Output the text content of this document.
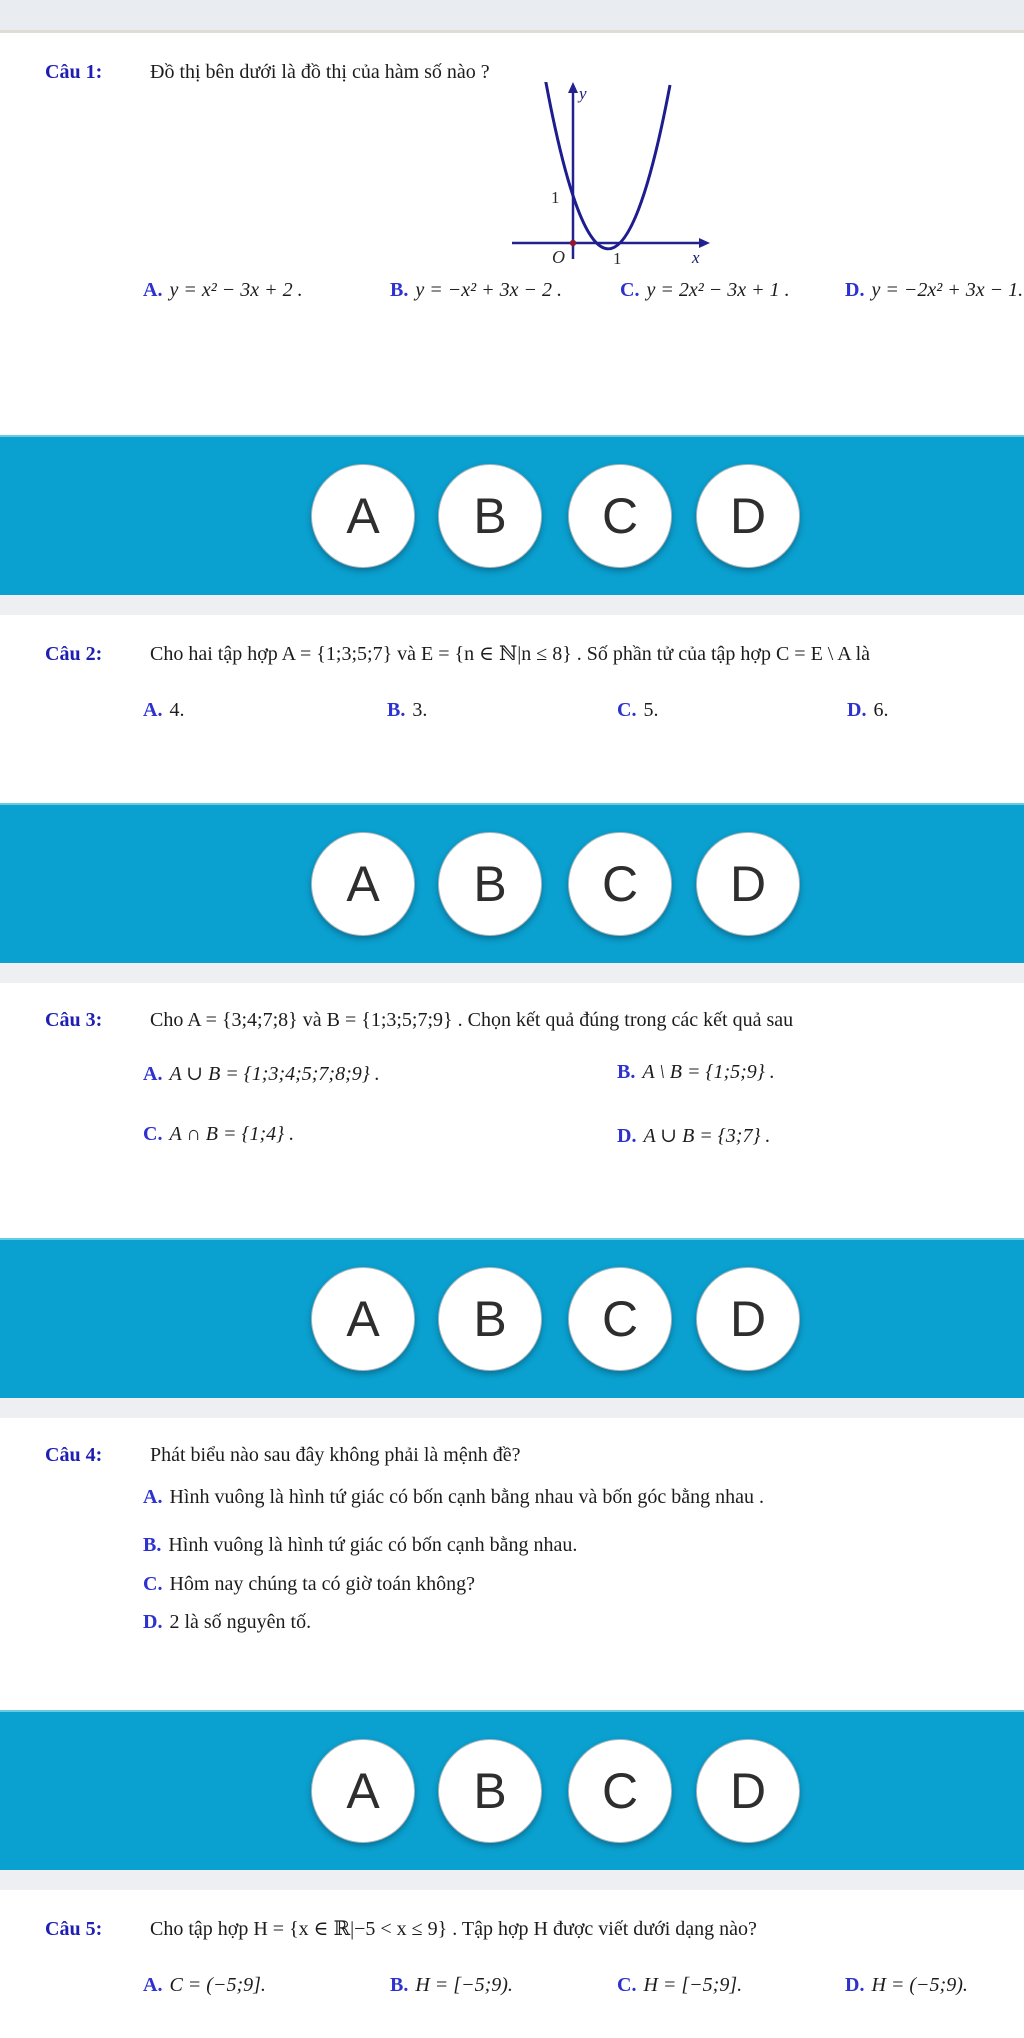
Câu 1: Đồ thị bên dưới là đồ thị của hàm số nào ?
y
x
O
1
1
A. y = x² − 3x + 2 .	B. y = −x² + 3x − 2 .	C. y = 2x² − 3x + 1 .	D. y = −2x² + 3x − 1.
A	B	C	D
Câu 2: Cho hai tập hợp A = {1;3;5;7} và E = {n ∈ ℕ|n ≤ 8} . Số phần tử của tập hợp C = E \ A là
A. 4.	B. 3.	C. 5.	D. 6.
A	B	C	D
Câu 3: Cho A = {3;4;7;8} và B = {1;3;5;7;9} . Chọn kết quả đúng trong các kết quả sau
A. A ∪ B = {1;3;4;5;7;8;9} .	B. A \ B = {1;5;9} .
C. A ∩ B = {1;4} .	D. A ∪ B = {3;7} .
A	B	C	D
Câu 4: Phát biểu nào sau đây không phải là mệnh đề?
A. Hình vuông là hình tứ giác có bốn cạnh bằng nhau và bốn góc bằng nhau .
B. Hình vuông là hình tứ giác có bốn cạnh bằng nhau.
C. Hôm nay chúng ta có giờ toán không?
D. 2 là số nguyên tố.
A	B	C	D
Câu 5: Cho tập hợp H = {x ∈ ℝ|−5 < x ≤ 9} . Tập hợp H được viết dưới dạng nào?
A. C = (−5;9].	B. H = [−5;9).	C. H = [−5;9].	D. H = (−5;9).
